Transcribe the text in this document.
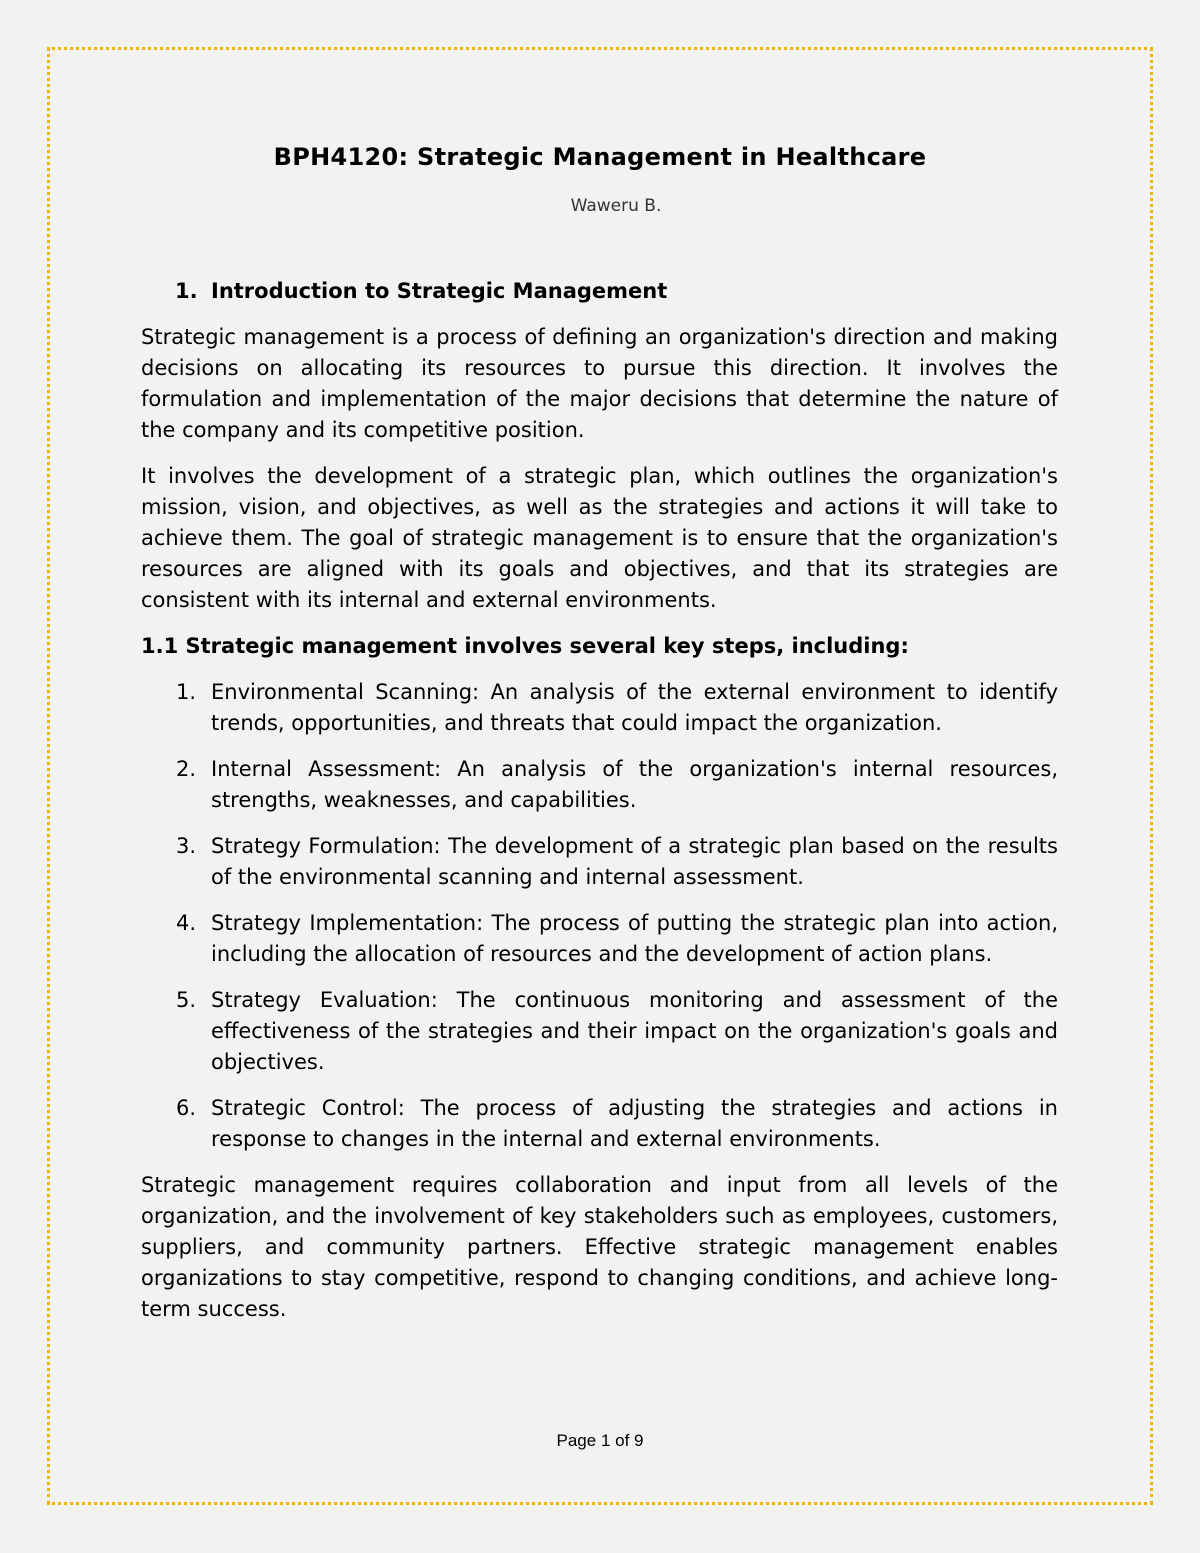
BPH4120: Strategic Management in Healthcare

Waweru B.

1. Introduction to Strategic Management

Strategic management is a process of defining an organization's direction and making decisions on allocating its resources to pursue this direction. It involves the formulation and implementation of the major decisions that determine the nature of the company and its competitive position.

It involves the development of a strategic plan, which outlines the organization's mission, vision, and objectives, as well as the strategies and actions it will take to achieve them. The goal of strategic management is to ensure that the organization's resources are aligned with its goals and objectives, and that its strategies are consistent with its internal and external environments.

1.1 Strategic management involves several key steps, including:

1. Environmental Scanning: An analysis of the external environment to identify trends, opportunities, and threats that could impact the organization.
2. Internal Assessment: An analysis of the organization's internal resources, strengths, weaknesses, and capabilities.
3. Strategy Formulation: The development of a strategic plan based on the results of the environmental scanning and internal assessment.
4. Strategy Implementation: The process of putting the strategic plan into action, including the allocation of resources and the development of action plans.
5. Strategy Evaluation: The continuous monitoring and assessment of the effectiveness of the strategies and their impact on the organization's goals and objectives.
6. Strategic Control: The process of adjusting the strategies and actions in response to changes in the internal and external environments.

Strategic management requires collaboration and input from all levels of the organization, and the involvement of key stakeholders such as employees, customers, suppliers, and community partners. Effective strategic management enables organizations to stay competitive, respond to changing conditions, and achieve long-term success.

Page 1 of 9
